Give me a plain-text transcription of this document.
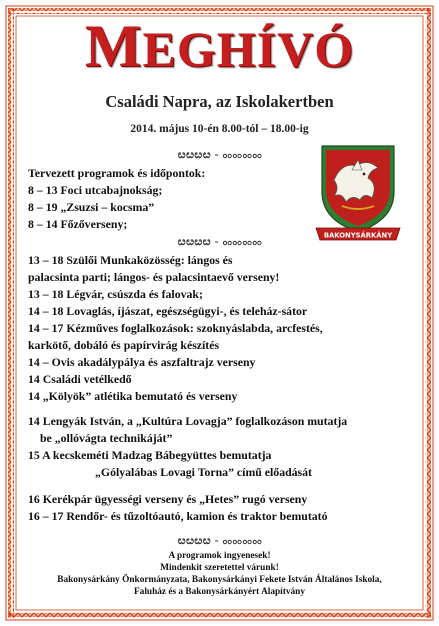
MEGHÍVÓ
Családi Napra, az Iskolakertben
2014. május 10-én 8.00-tól – 18.00-ig
ೞೞೞೞ - ೲೲೲೲ
Tervezett programok és időpontok:
8 – 13 Foci utcabajnokság;
8 – 19 „Zsuzsi – kocsma”
8 – 14 Főzőverseny;
BAKONYSÁRKÁNY
ೞೞೞೞ - ೲೲೲೲ
13 – 18 Szülői Munkaközösség: lángos és
palacsinta parti; lángos- és palacsintaevő verseny!
13 – 18 Légvár, csúszda és falovak;
14 – 18 Lovaglás, íjászat, egészségügyi-, és teleház-sátor
14 – 17 Kézműves foglalkozások: szoknyáslabda, arcfestés,
karkötő, dobáló és papírvirág készítés
14 – Ovis akadálypálya és aszfaltrajz verseny
14 Családi vetélkedő
14 „Kölyök” atlétika bemutató és verseny
14 Lengyák István, a „Kultúra Lovagja” foglalkozáson mutatja
be „ollóvágta technikáját”
15 A kecskeméti Madzag Bábegyüttes bemutatja
„Gólyalábas Lovagi Torna” című előadását
16 Kerékpár ügyességi verseny és „Hetes” rugó verseny
16 – 17 Rendőr- és tűzoltóautó, kamion és traktor bemutató
ೞೞೞೞ - ೲೲೲೲ
A programok ingyenesek!
Mindenkit szeretettel várunk!
Bakonysárkány Önkormányzata, Bakonysárkányi Fekete István Általános Iskola,
Faluház és a Bakonysárkányért Alapítvány
